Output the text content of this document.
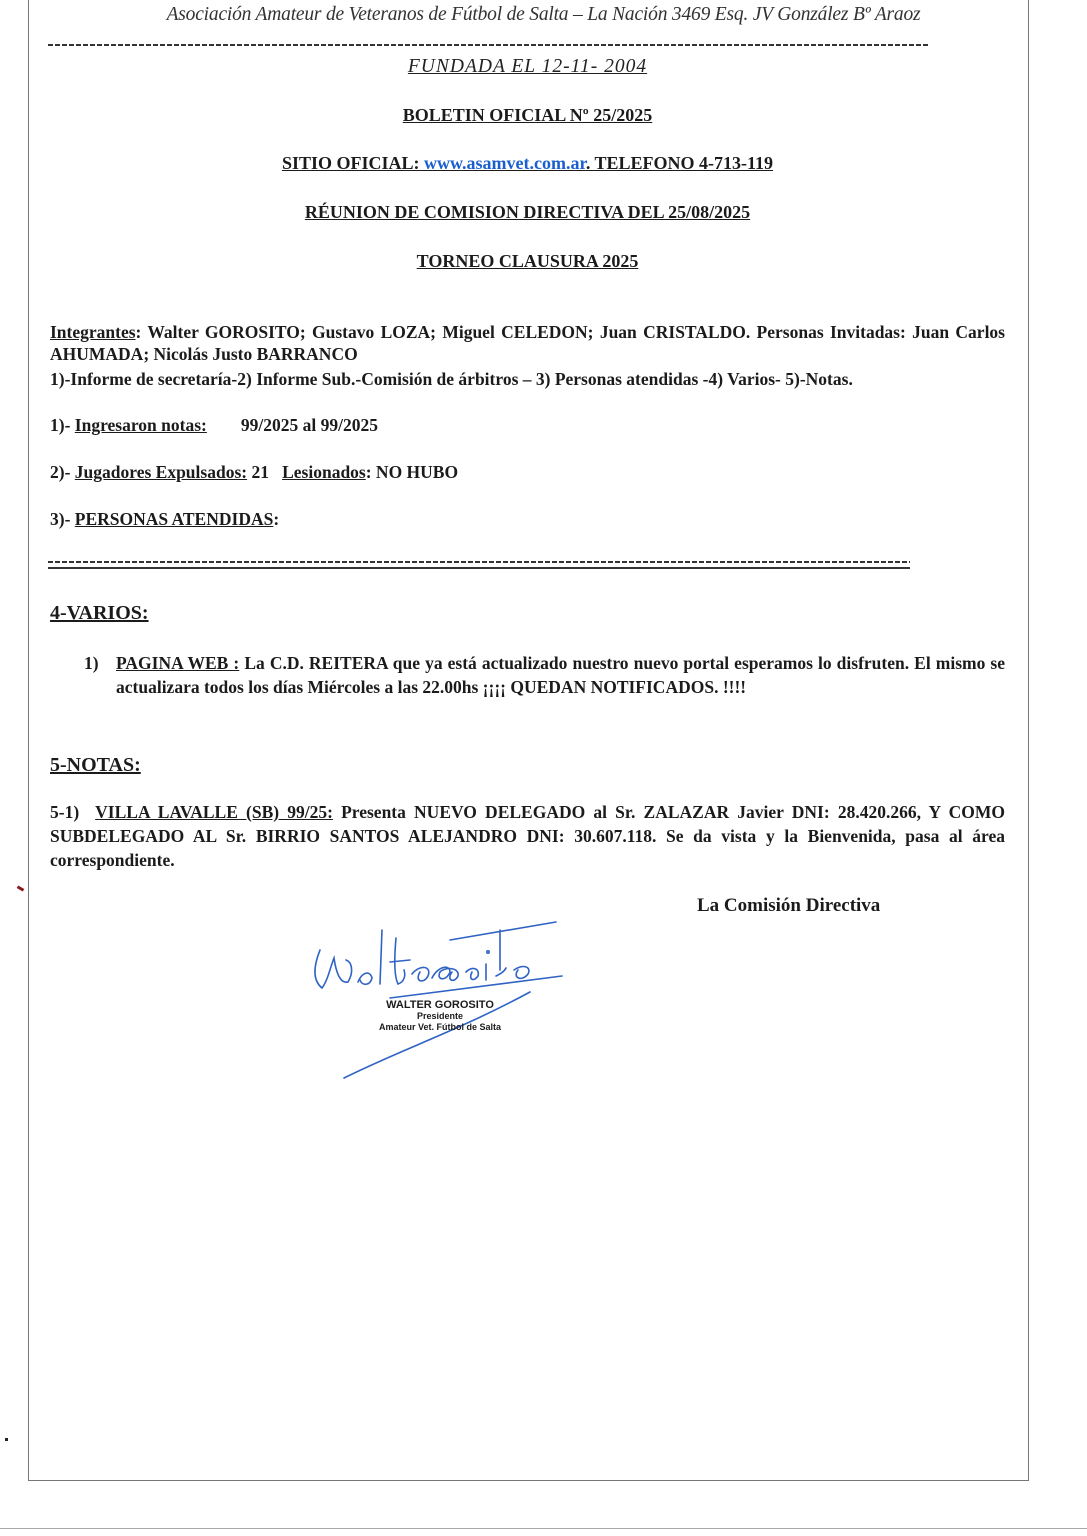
Asociación Amateur de Veteranos de Fútbol de Salta – La Nación 3469 Esq. JV González Bº Araoz
FUNDADA EL 12-11- 2004
BOLETIN OFICIAL Nº 25/2025
SITIO OFICIAL: www.asamvet.com.ar. TELEFONO 4-713-119
RÉUNION DE COMISION DIRECTIVA DEL 25/08/2025
TORNEO CLAUSURA 2025
Integrantes: Walter GOROSITO; Gustavo LOZA; Miguel CELEDON; Juan CRISTALDO. Personas Invitadas: Juan Carlos AHUMADA; Nicolás Justo BARRANCO
1)-Informe de secretaría-2) Informe Sub.-Comisión de árbitros – 3) Personas atendidas -4) Varios- 5)-Notas.
1)- Ingresaron notas: 99/2025 al 99/2025
2)- Jugadores Expulsados: 21   Lesionados: NO HUBO
3)- PERSONAS ATENDIDAS:
4-VARIOS:
1) PAGINA WEB : La C.D. REITERA que ya está actualizado nuestro nuevo portal esperamos lo disfruten. El mismo se actualizara todos los días Miércoles a las 22.00hs ¡¡¡¡ QUEDAN NOTIFICADOS. !!!!
5-NOTAS:
5-1)  VILLA LAVALLE (SB) 99/25: Presenta NUEVO DELEGADO al Sr. ZALAZAR Javier DNI: 28.420.266, Y COMO SUBDELEGADO AL Sr. BIRRIO SANTOS ALEJANDRO DNI: 30.607.118. Se da vista y la Bienvenida, pasa al área correspondiente.
La Comisión Directiva
WALTER GOROSITO
Presidente
Amateur Vet. Fútbol de Salta
